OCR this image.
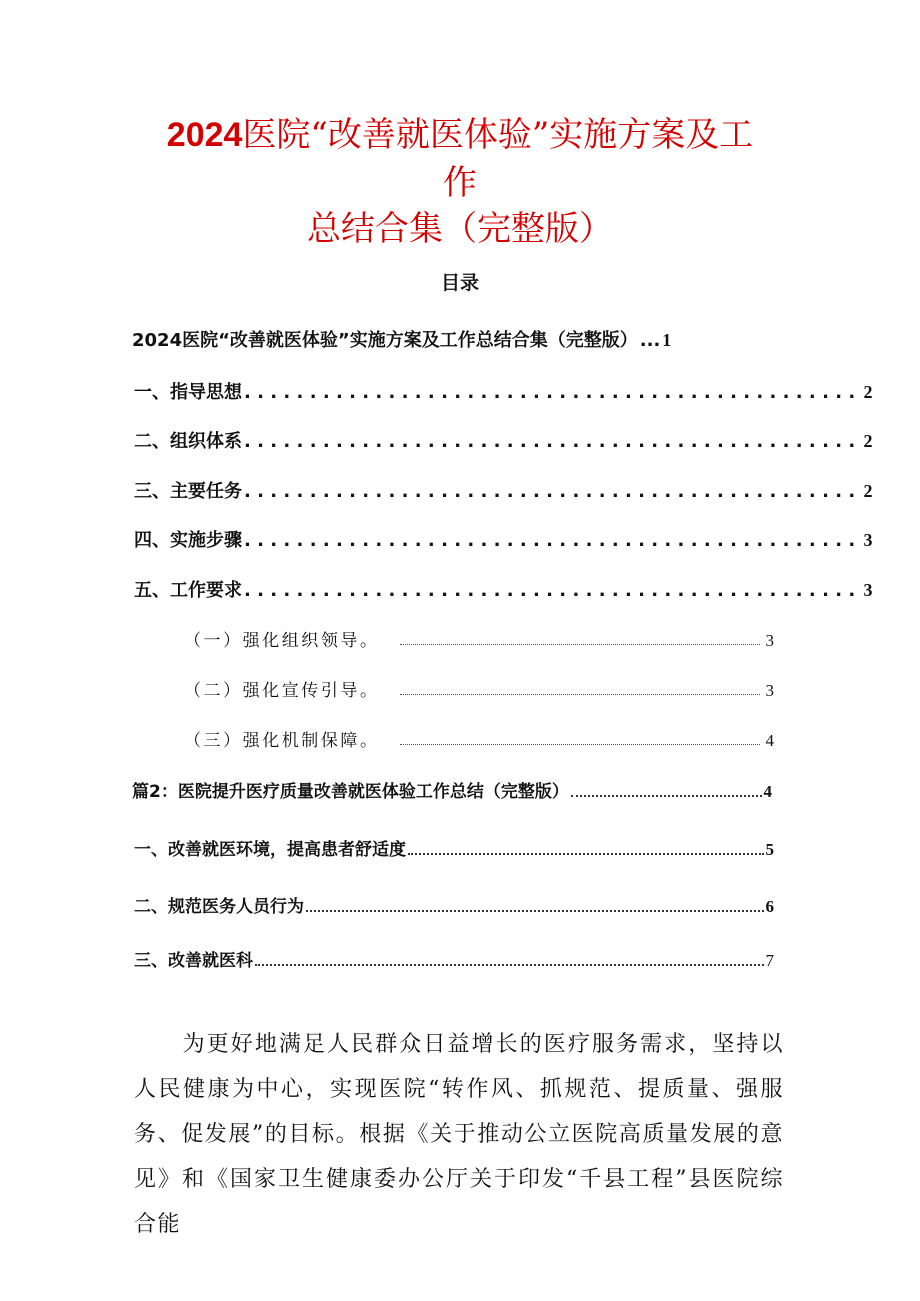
2024医院“改善就医体验”实施方案及工
作
总结合集（完整版）
目录
2024医院“改善就医体验”实施方案及工作总结合集（完整版） ... 1
一、指导思想 ............................................... 2
二、组织体系 ............................................... 2
三、主要任务 ............................................... 2
四、实施步骤 ............................................... 3
五、工作要求 ............................................... 3
（一）强化组织领导。	3
（二）强化宣传引导。	3
（三）强化机制保障。	4
篇2：医院提升医疗质量改善就医体验工作总结（完整版）	4
一、改善就医环境，提高患者舒适度	5
二、规范医务人员行为	6
三、改善就医科	7
为更好地满足人民群众日益增长的医疗服务需求，坚持以人民健康为中心，实现医院“转作风、抓规范、提质量、强服务、促发展”的目标。根据《关于推动公立医院高质量发展的意见》和《国家卫生健康委办公厅关于印发“千县工程”县医院综合能
